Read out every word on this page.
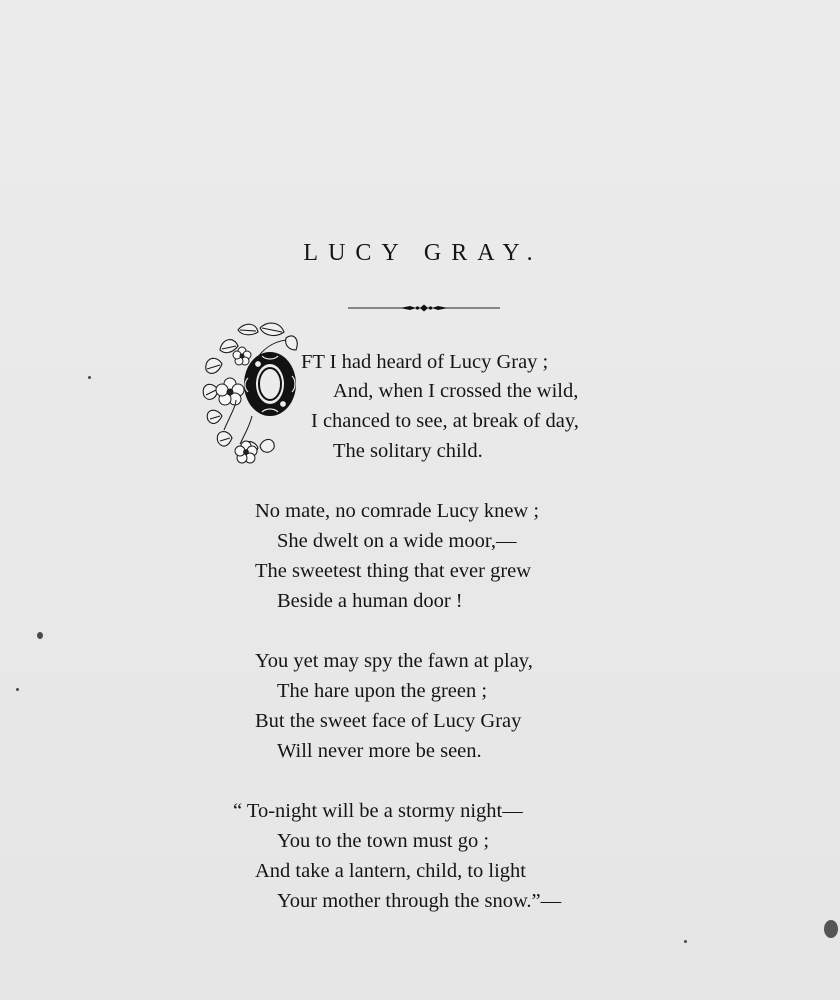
LUCY GRAY.
FT I had heard of Lucy Gray ;
And, when I crossed the wild,
I chanced to see, at break of day,
The solitary child.
No mate, no comrade Lucy knew ;
She dwelt on a wide moor,—
The sweetest thing that ever grew
Beside a human door !
You yet may spy the fawn at play,
The hare upon the green ;
But the sweet face of Lucy Gray
Will never more be seen.
“ To-night will be a stormy night—
You to the town must go ;
And take a lantern, child, to light
Your mother through the snow.”—
